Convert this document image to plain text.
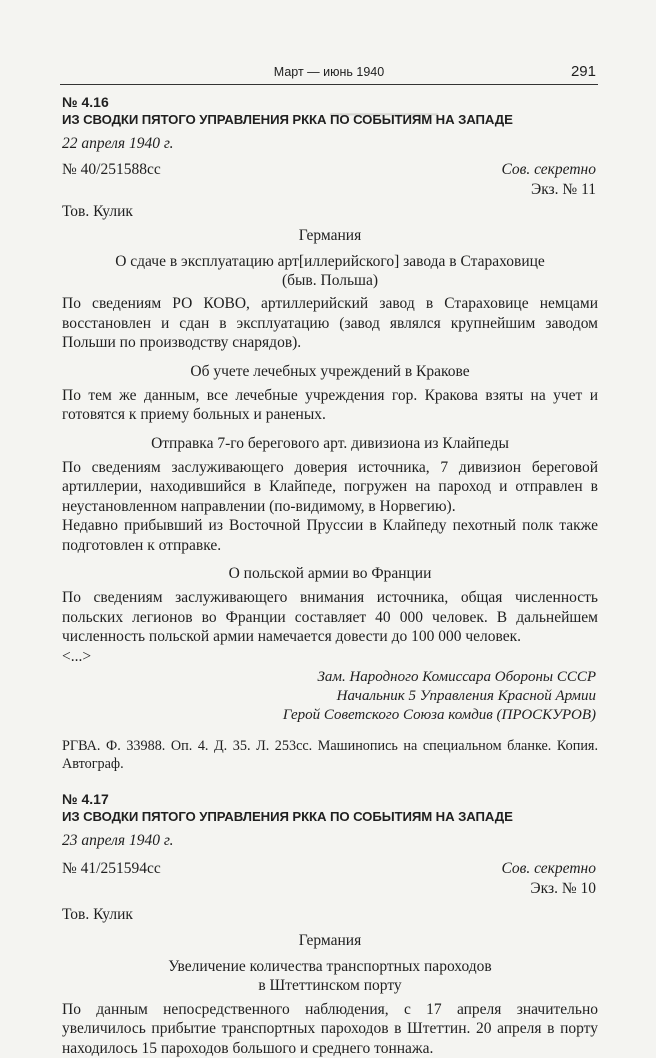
▁▁▁▁▁▁▁▁▁▁
Март — июнь 1940	291

№ 4.16

ИЗ СВОДКИ ПЯТОГО УПРАВЛЕНИЯ РККА ПО СОБЫТИЯМ НА ЗАПАДЕ

22 апреля 1940 г.
№ 40/251588сс	Сов. секретно
Экз. № 11
Тов. Кулик
Германия
О сдаче в эксплуатацию арт[иллерийского] завода в Стараховице
(быв. Польша)

По сведениям РО КОВО, артиллерийский завод в Стараховице немцами восстановлен и сдан в эксплуатацию (завод являлся крупнейшим заводом Польши по производству снарядов).

Об учете лечебных учреждений в Кракове

По тем же данным, все лечебные учреждения гор. Кракова взяты на учет и готовятся к приему больных и раненых.

Отправка 7-го берегового арт. дивизиона из Клайпеды

По сведениям заслуживающего доверия источника, 7 дивизион береговой артиллерии, находившийся в Клайпеде, погружен на пароход и отправлен в неустановленном направлении (по-видимому, в Норвегию).

Недавно прибывший из Восточной Пруссии в Клайпеду пехотный полк также подготовлен к отправке.

О польской армии во Франции

По сведениям заслуживающего внимания источника, общая численность польских легионов во Франции составляет 40 000 человек. В дальнейшем численность польской армии намечается довести до 100 000 человек.

<...>
Зам. Народного Комиссара Обороны СССР
Начальник 5 Управления Красной Армии
Герой Советского Союза комдив (ПРОСКУРОВ)

РГВА. Ф. 33988. Оп. 4. Д. 35. Л. 253сс. Машинопись на специальном бланке. Копия. Автограф.

№ 4.17

ИЗ СВОДКИ ПЯТОГО УПРАВЛЕНИЯ РККА ПО СОБЫТИЯМ НА ЗАПАДЕ

23 апреля 1940 г.
№ 41/251594сс	Сов. секретно
Экз. № 10
Тов. Кулик
Германия
Увеличение количества транспортных пароходов
в Штеттинском порту

По данным непосредственного наблюдения, с 17 апреля значительно увеличилось прибытие транспортных пароходов в Штеттин. 20 апреля в порту находилось 15 пароходов большого и среднего тоннажа.
